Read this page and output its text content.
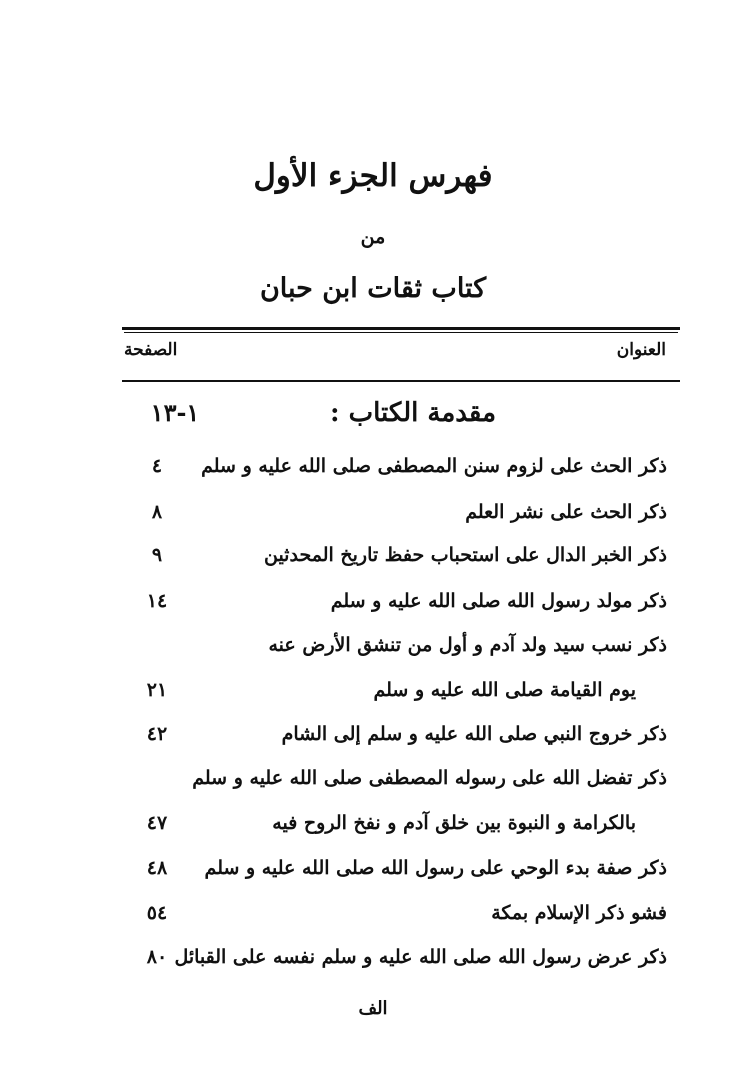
فهرس الجزء الأول
من
كتاب ثقات ابن حبان
العنوان
الصفحة
مقدمة الكتاب :
١-١٣
ذكر الحث على لزوم سنن المصطفى صلى الله عليه و سلم
٤
ذكر الحث على نشر العلم
٨
ذكر الخبر الدال على استحباب حفظ تاريخ المحدثين
٩
ذكر مولد رسول الله صلى الله عليه و سلم
١٤
ذكر نسب سيد ولد آدم و أول من تنشق الأرض عنه
يوم القيامة صلى الله عليه و سلم
٢١
ذكر خروج النبي صلى الله عليه و سلم إلى الشام
٤٢
ذكر تفضل الله على رسوله المصطفى صلى الله عليه و سلم
بالكرامة و النبوة بين خلق آدم و نفخ الروح فيه
٤٧
ذكر صفة بدء الوحي على رسول الله صلى الله عليه و سلم
٤٨
فشو ذكر الإسلام بمكة
٥٤
ذكر عرض رسول الله صلى الله عليه و سلم نفسه على القبائل
٨٠
الف
